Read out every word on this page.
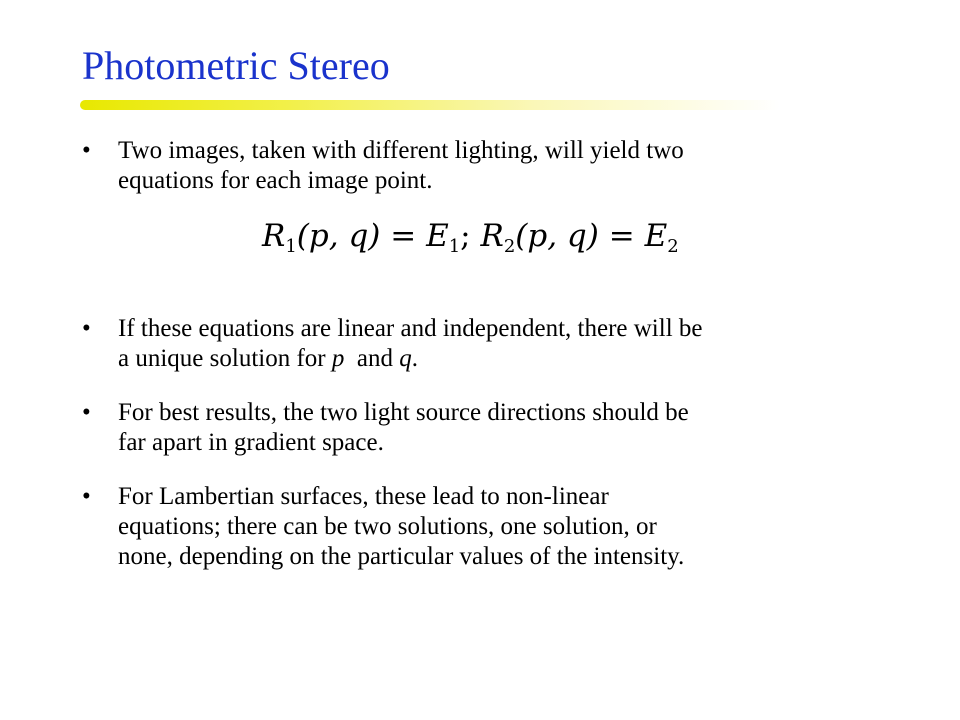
Photometric Stereo
• Two images, taken with different lighting, will yield two
equations for each image point.
• If these equations are linear and independent, there will be
a unique solution for p  and q.
• For best results, the two light source directions should be
far apart in gradient space.
• For Lambertian surfaces, these lead to non-linear
equations; there can be two solutions, one solution, or
none, depending on the particular values of the intensity.
$R_1(p$, $q) = E_1$; $R_2(p$, $q) = E_2$
